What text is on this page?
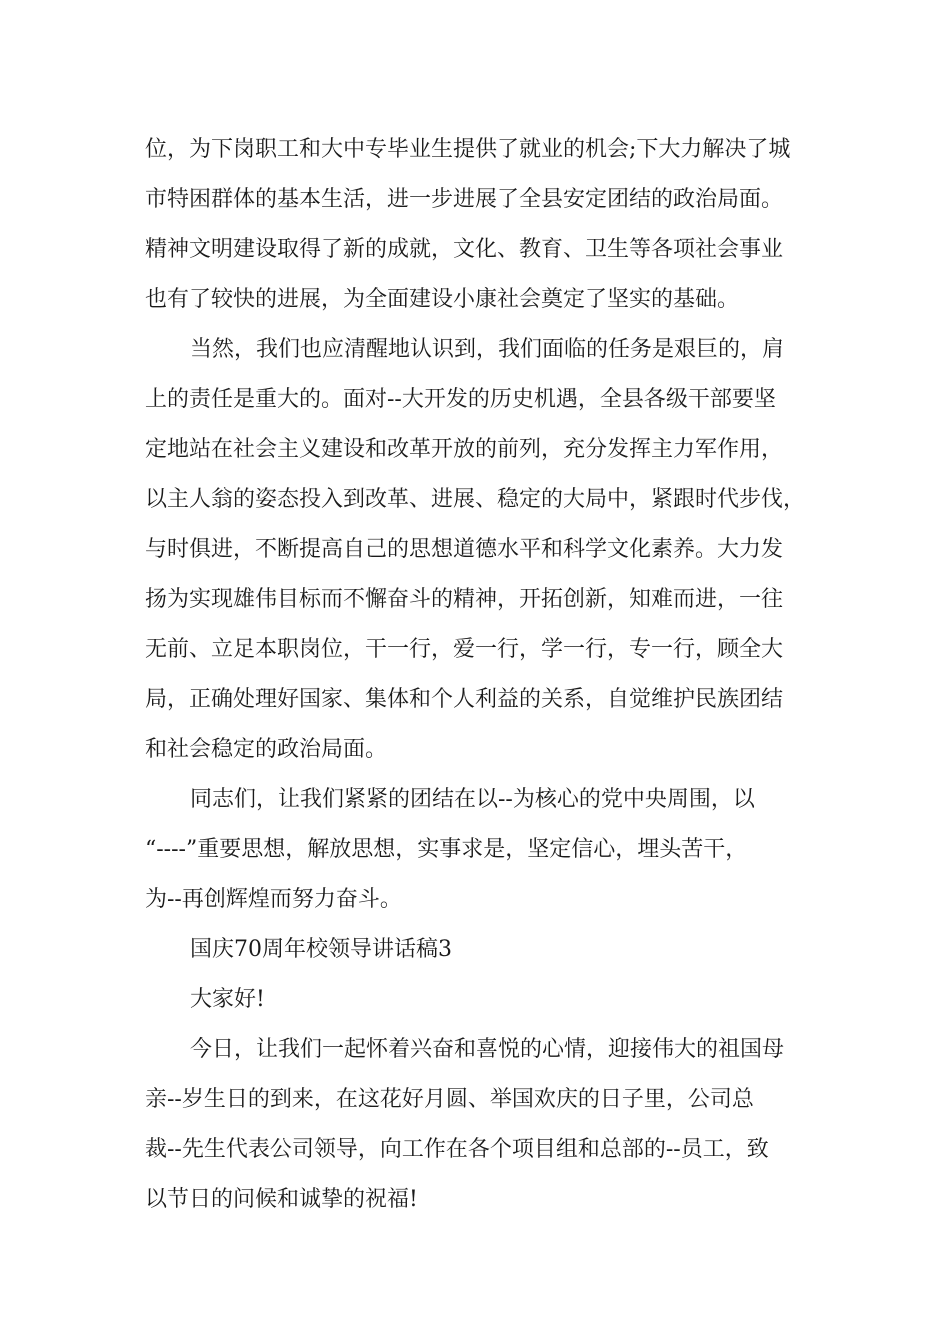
位，为下岗职工和大中专毕业生提供了就业的机会;下大力解决了城
市特困群体的基本生活，进一步进展了全县安定团结的政治局面。
精神文明建设取得了新的成就，文化、教育、卫生等各项社会事业
也有了较快的进展，为全面建设小康社会奠定了坚实的基础。
当然，我们也应清醒地认识到，我们面临的任务是艰巨的，肩
上的责任是重大的。面对--大开发的历史机遇，全县各级干部要坚
定地站在社会主义建设和改革开放的前列，充分发挥主力军作用，
以主人翁的姿态投入到改革、进展、稳定的大局中，紧跟时代步伐，
与时俱进，不断提高自己的思想道德水平和科学文化素养。大力发
扬为实现雄伟目标而不懈奋斗的精神，开拓创新，知难而进，一往
无前、立足本职岗位，干一行，爱一行，学一行，专一行，顾全大
局，正确处理好国家、集体和个人利益的关系，自觉维护民族团结
和社会稳定的政治局面。
同志们，让我们紧紧的团结在以--为核心的党中央周围，以
“----”重要思想，解放思想，实事求是，坚定信心，埋头苦干，
为--再创辉煌而努力奋斗。
国庆70周年校领导讲话稿3
大家好!
今日，让我们一起怀着兴奋和喜悦的心情，迎接伟大的祖国母
亲--岁生日的到来，在这花好月圆、举国欢庆的日子里，公司总
裁--先生代表公司领导，向工作在各个项目组和总部的--员工，致
以节日的问候和诚挚的祝福!
